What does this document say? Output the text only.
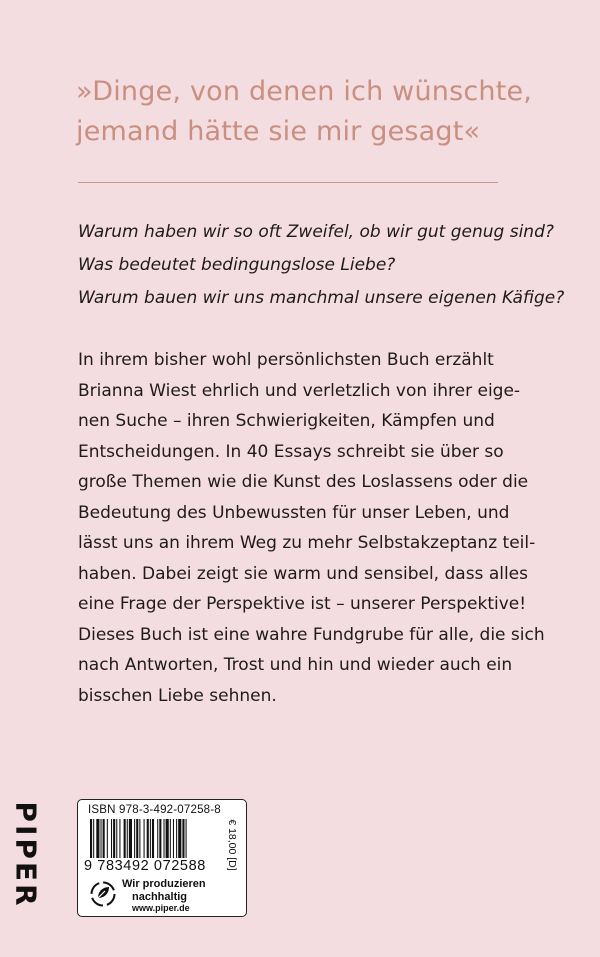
»Dinge, von denen ich wünschte,
jemand hätte sie mir gesagt«
Warum haben wir so oft Zweifel, ob wir gut genug sind?
Was bedeutet bedingungslose Liebe?
Warum bauen wir uns manchmal unsere eigenen Käfige?
In ihrem bisher wohl persönlichsten Buch erzählt
Brianna Wiest ehrlich und verletzlich von ihrer eige-
nen Suche – ihren Schwierigkeiten, Kämpfen und
Entscheidungen. In 40 Essays schreibt sie über so
große Themen wie die Kunst des Loslassens oder die
Bedeutung des Unbewussten für unser Leben, und
lässt uns an ihrem Weg zu mehr Selbstakzeptanz teil-
haben. Dabei zeigt sie warm und sensibel, dass alles
eine Frage der Perspektive ist – unserer Perspektive!
Dieses Buch ist eine wahre Fundgrube für alle, die sich
nach Antworten, Trost und hin und wieder auch ein
bisschen Liebe sehnen.
PIPER	ISBN 978-3-492-07258-8
9 783492 072588	€ 18,00 [D]
Wir produzieren
nachhaltig
www.piper.de
